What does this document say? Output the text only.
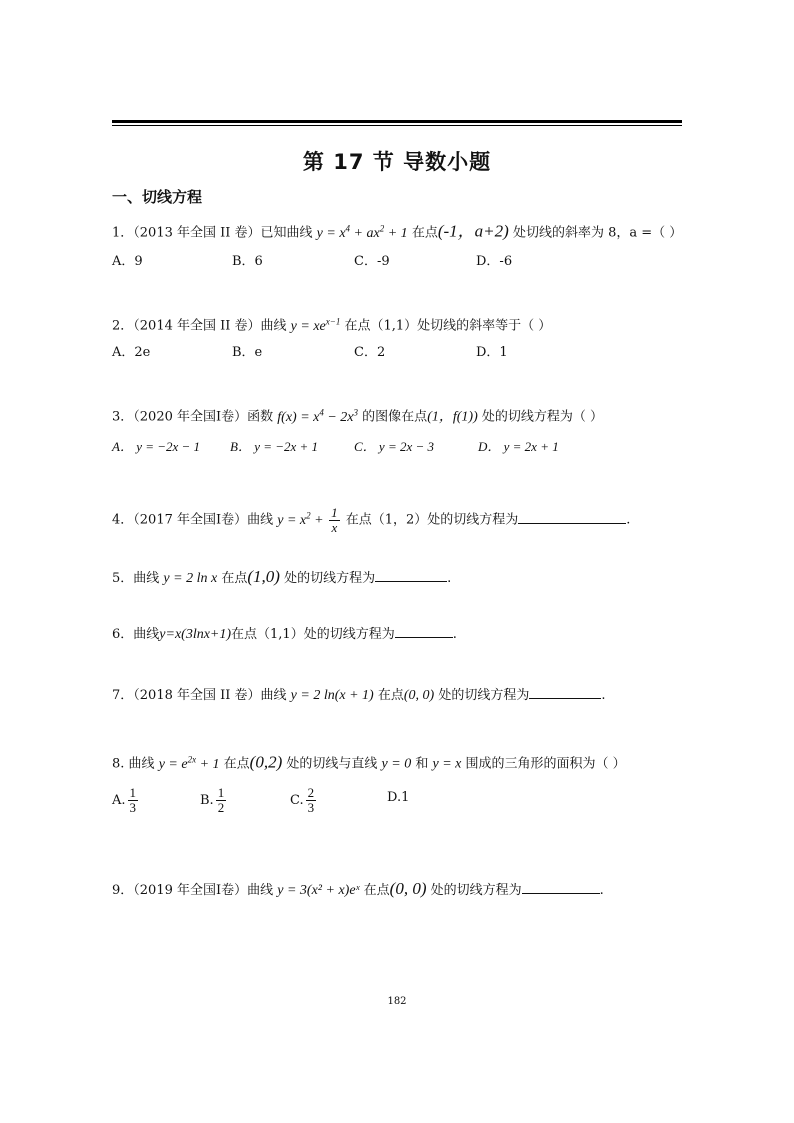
第 17 节 导数小题
一、切线方程
1．（2013 年全国 II 卷）已知曲线 $y = x^4 + ax^2 + 1$ 在点(-1，a+2) 处切线的斜率为 8，a =（ ）
A．9	B．6	C．-9	D．-6
2．（2014 年全国 II 卷）曲线 $y = xe^{x-1}$ 在点（1,1）处切线的斜率等于（ ）
A．2e	B．e	C．2	D．1
3．（2020 年全国Ⅰ卷）函数 $f(x) = x^4 - 2x^3$ 的图像在点(1，f(1)) 处的切线方程为（ ）
A． y = −2x − 1 B． y = −2x + 1	C． y = 2x − 3	D． y = 2x + 1
4．（2017 年全国Ⅰ卷）曲线 $y = x^2 + \frac{1}{x}$ 在点（1，2）处的切线方程为	.
5．曲线 y = 2 ln x 在点(1,0) 处的切线方程为	.
6．曲线y=x(3lnx+1)在点（1,1）处的切线方程为	.
7．（2018 年全国 II 卷）曲线 y = 2 ln(x + 1) 在点(0, 0) 处的切线方程为	.
8. 曲线 $y = e^{2x} + 1$ 在点(0,2) 处的切线与直线 y = 0 和 y = x 围成的三角形的面积为（ ）
A. $\frac{1}{3}$	B. $\frac{1}{2}$	C. $\frac{2}{3}$	D.1
9．（2019 年全国Ⅰ卷）曲线 y = 3(x² + x)eˣ 在点(0, 0) 处的切线方程为	.
182
